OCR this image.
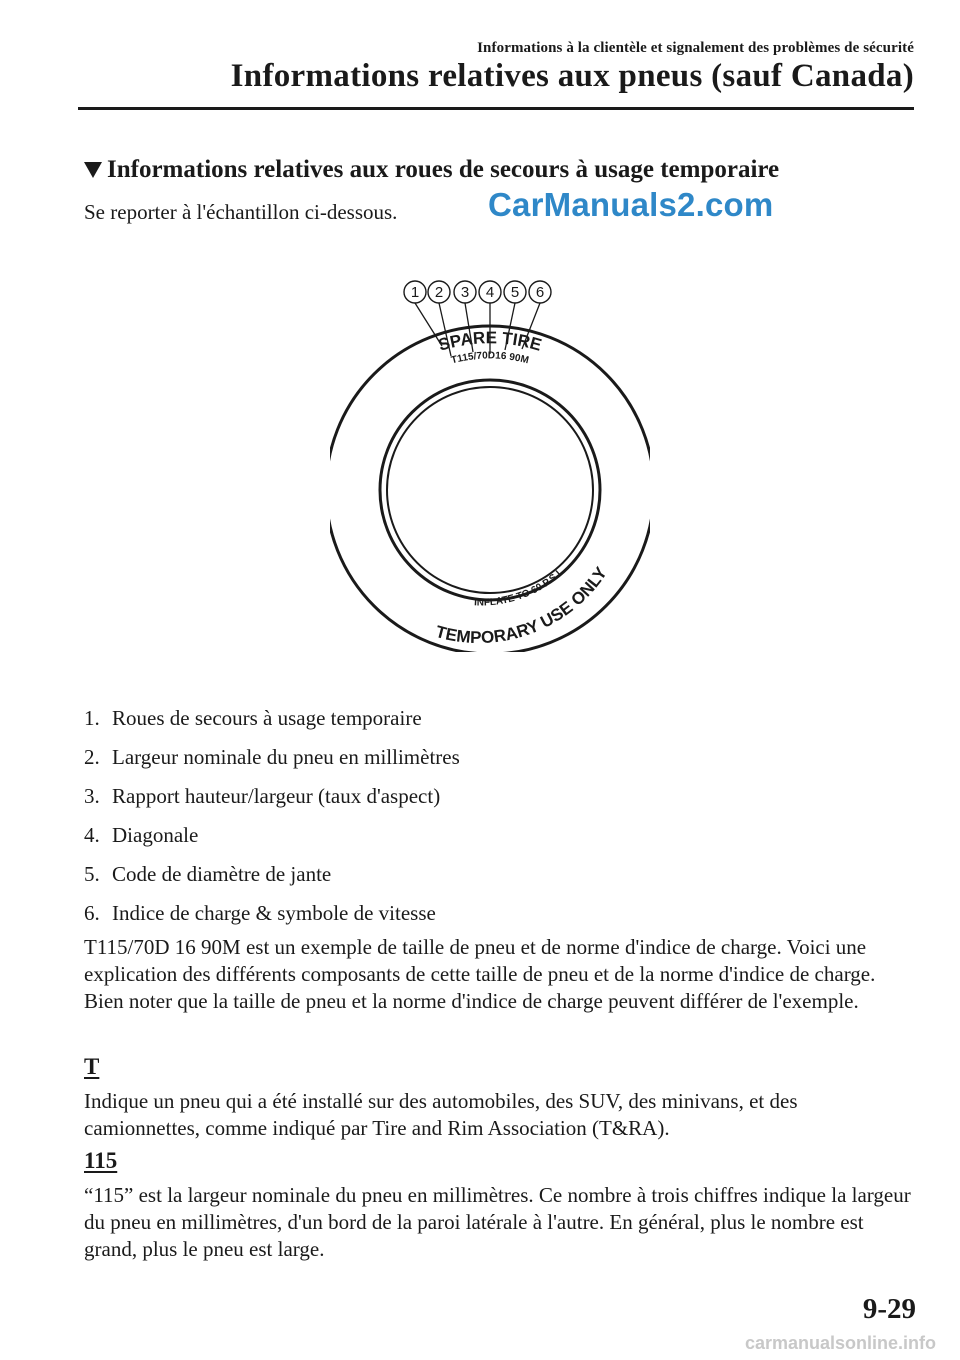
Informations à la clientèle et signalement des problèmes de sécurité
Informations relatives aux pneus (sauf Canada)
Informations relatives aux roues de secours à usage temporaire
Se reporter à l'échantillon ci-dessous.	CarManuals2.com
1 2 3 4 5 6
SPARE TIRE
T115/70D16 90M
TEMPORARY USE ONLY
INFLATE TO 60 P.S.I.
1. Roues de secours à usage temporaire
2. Largeur nominale du pneu en millimètres
3. Rapport hauteur/largeur (taux d'aspect)
4. Diagonale
5. Code de diamètre de jante
6. Indice de charge & symbole de vitesse

T115/70D 16 90M est un exemple de taille de pneu et de norme d'indice de charge. Voici une explication des différents composants de cette taille de pneu et de la norme d'indice de charge. Bien noter que la taille de pneu et la norme d'indice de charge peuvent différer de l'exemple.

T

Indique un pneu qui a été installé sur des automobiles, des SUV, des minivans, et des camionnettes, comme indiqué par Tire and Rim Association (T&RA).

115

“115” est la largeur nominale du pneu en millimètres. Ce nombre à trois chiffres indique la largeur du pneu en millimètres, d'un bord de la paroi latérale à l'autre. En général, plus le nombre est grand, plus le pneu est large.

9-29
carmanualsonline.info
